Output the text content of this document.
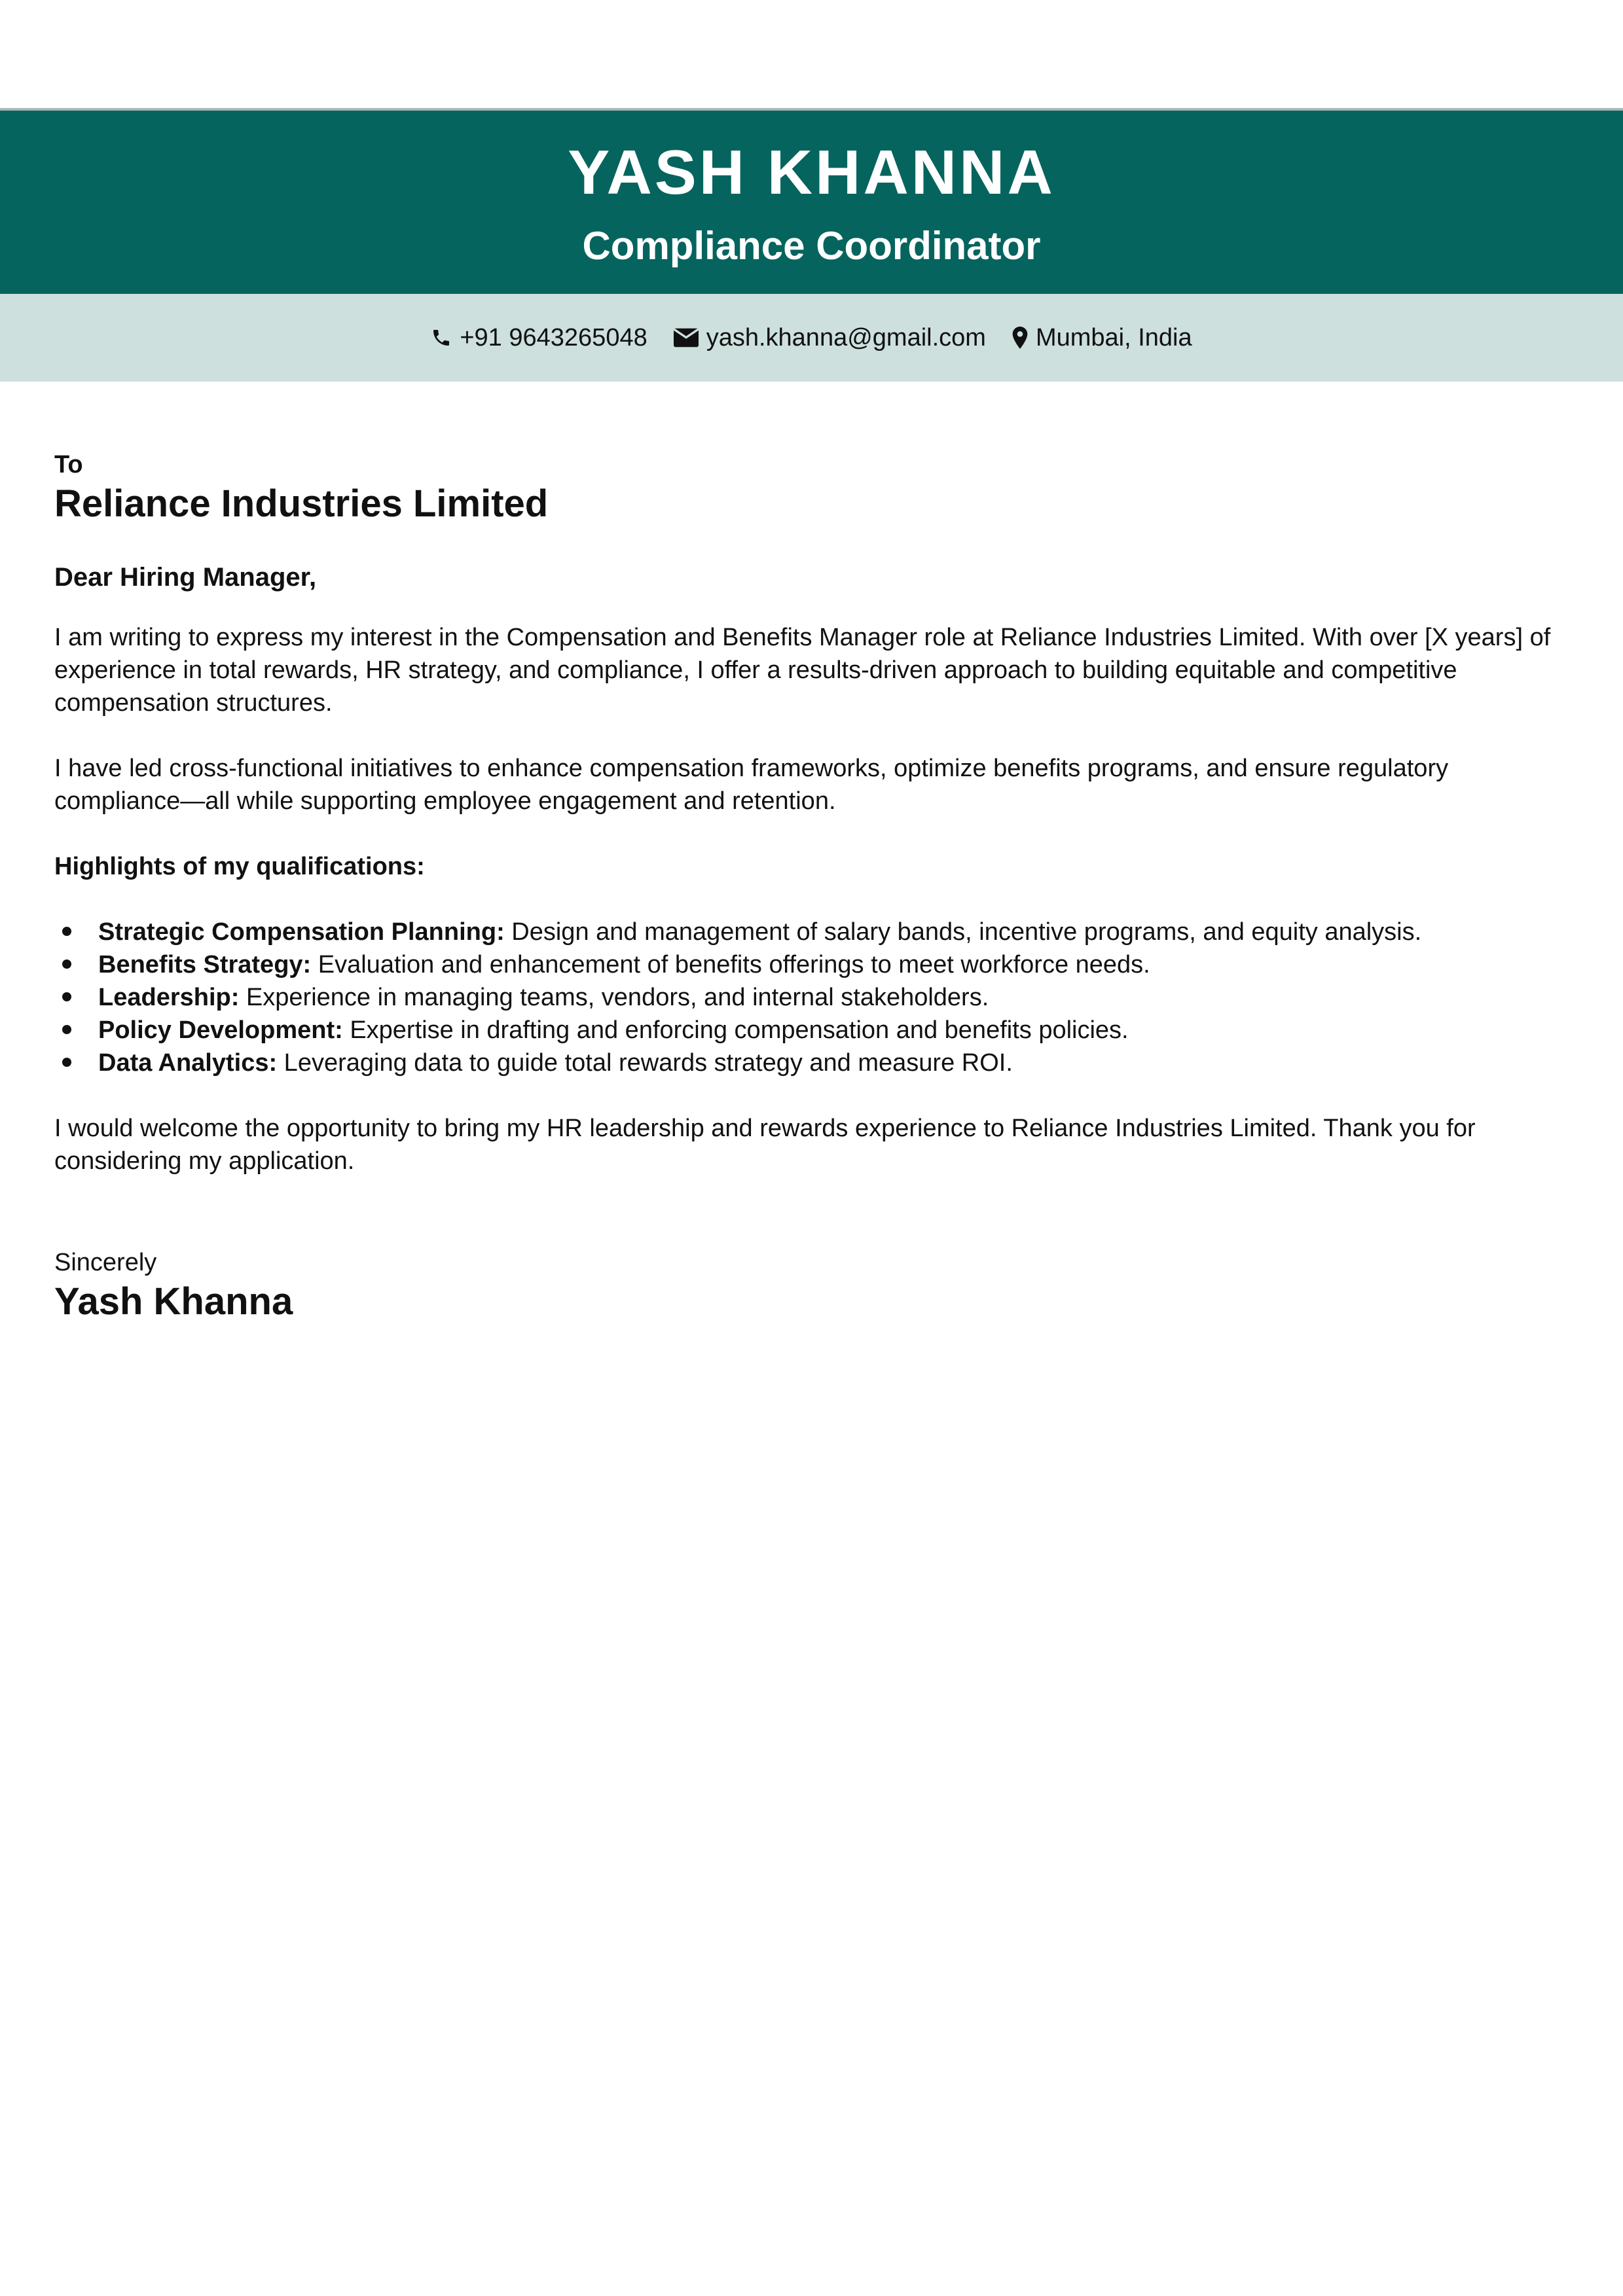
YASH KHANNA
Compliance Coordinator
+91 9643265048 yash.khanna@gmail.com Mumbai, India
To
Reliance Industries Limited
Dear Hiring Manager,

I am writing to express my interest in the Compensation and Benefits Manager role at Reliance Industries Limited. With over [X years] of experience in total rewards, HR strategy, and compliance, I offer a results-driven approach to building equitable and competitive compensation structures.

I have led cross-functional initiatives to enhance compensation frameworks, optimize benefits programs, and ensure regulatory compliance—all while supporting employee engagement and retention.

Highlights of my qualifications:

Strategic Compensation Planning: Design and management of salary bands, incentive programs, and equity analysis.
Benefits Strategy: Evaluation and enhancement of benefits offerings to meet workforce needs.
Leadership: Experience in managing teams, vendors, and internal stakeholders.
Policy Development: Expertise in drafting and enforcing compensation and benefits policies.
Data Analytics: Leveraging data to guide total rewards strategy and measure ROI.

I would welcome the opportunity to bring my HR leadership and rewards experience to Reliance Industries Limited. Thank you for considering my application.

Sincerely
Yash Khanna
